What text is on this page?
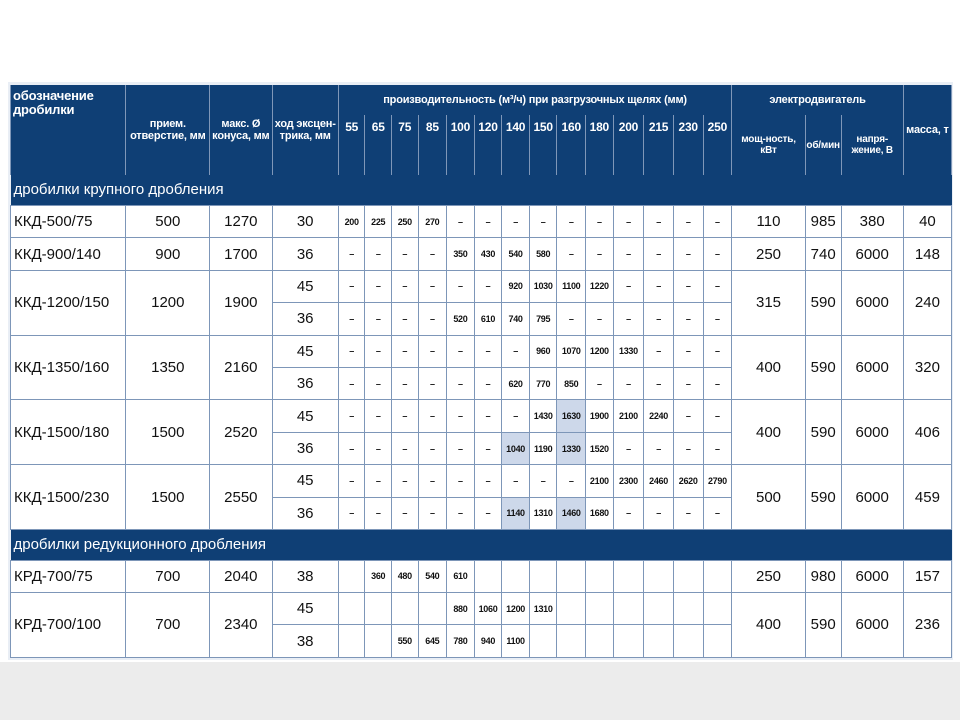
обозначение дробилки	прием. отверстие, мм	макс. Ø конуса, мм	ход эксцен-трика, мм	производительность (м³/ч) при разгрузочных щелях (мм)														электродвигатель			масса, т
				55	65	75	85	100	120	140	150	160	180	200	215	230	250	мощ-ность, кВт	об/мин	напря-жение, В	
дробилки крупного дробления																					
ККД-500/75	500	1270	30	200	225	250	270	–	–	–	–	–	–	–	–	–	–	110	985	380	40
ККД-900/140	900	1700	36	–	–	–	–	350	430	540	580	–	–	–	–	–	–	250	740	6000	148
ККД-1200/150	1200	1900	45	–	–	–	–	–	–	920	1030	1100	1220	–	–	–	–	315	590	6000	240
			36	–	–	–	–	520	610	740	795	–	–	–	–	–	–				
ККД-1350/160	1350	2160	45	–	–	–	–	–	–	–	960	1070	1200	1330	–	–	–	400	590	6000	320
			36	–	–	–	–	–	–	620	770	850	–	–	–	–	–				
ККД-1500/180	1500	2520	45	–	–	–	–	–	–	–	1430	1630	1900	2100	2240	–	–	400	590	6000	406
			36	–	–	–	–	–	–	1040	1190	1330	1520	–	–	–	–				
ККД-1500/230	1500	2550	45	–	–	–	–	–	–	–	–	–	2100	2300	2460	2620	2790	500	590	6000	459
			36	–	–	–	–	–	–	1140	1310	1460	1680	–	–	–	–				
дробилки редукционного дробления																					
КРД-700/75	700	2040	38		360	480	540	610										250	980	6000	157
КРД-700/100	700	2340	45					880	1060	1200	1310							400	590	6000	236
			38			550	645	780	940	1100											
